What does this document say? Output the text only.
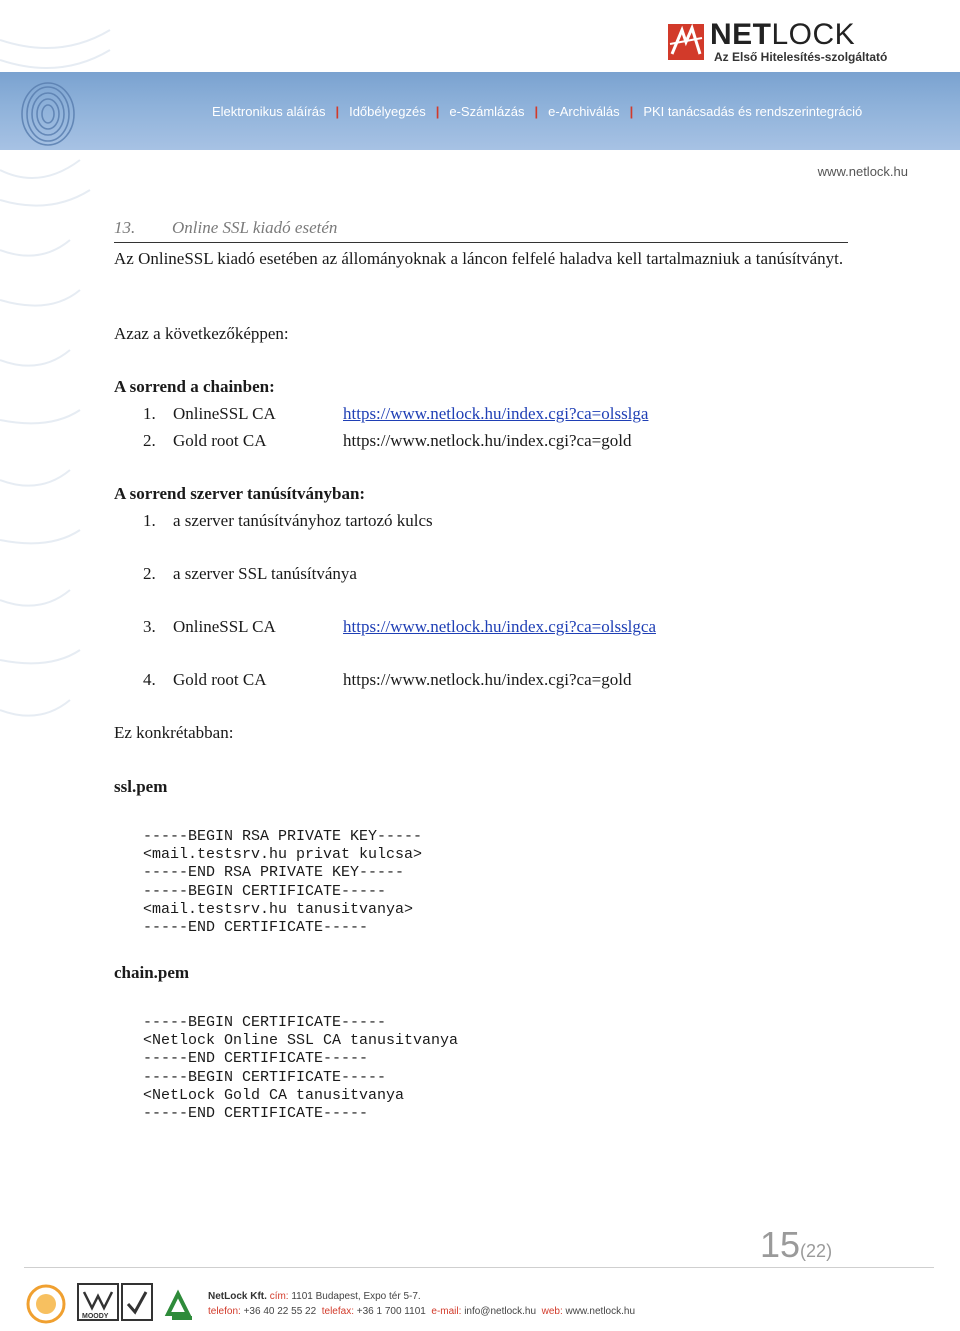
NETLOCK
Az Első Hitelesítés-szolgáltató
Elektronikus aláírás | Időbélyegzés | e-Számlázás | e-Archiválás | PKI tanácsadás és rendszerintegráció
www.netlock.hu
13. Online SSL kiadó esetén
Az OnlineSSL kiadó esetében az állományoknak a láncon felfelé haladva kell tartalmazniuk a tanúsítványt.
Azaz a következőképpen:
A sorrend a chainben:
1. OnlineSSL CA	https://www.netlock.hu/index.cgi?ca=olsslga
2. Gold root CA	https://www.netlock.hu/index.cgi?ca=gold
A sorrend szerver tanúsítványban:
1. a szerver tanúsítványhoz tartozó kulcs
2. a szerver SSL tanúsítványa
3. OnlineSSL CA	https://www.netlock.hu/index.cgi?ca=olsslgca
4. Gold root CA	https://www.netlock.hu/index.cgi?ca=gold
Ez konkrétabban:
ssl.pem
-----BEGIN RSA PRIVATE KEY-----
<mail.testsrv.hu privat kulcsa>
-----END RSA PRIVATE KEY-----
-----BEGIN CERTIFICATE-----
<mail.testsrv.hu tanusitvanya>
-----END CERTIFICATE-----
chain.pem
-----BEGIN CERTIFICATE-----
<Netlock Online SSL CA tanusitvanya
-----END CERTIFICATE-----
-----BEGIN CERTIFICATE-----
<NetLock Gold CA tanusitvanya
-----END CERTIFICATE-----
15(22)
MOODY
NetLock Kft. cím: 1101 Budapest, Expo tér 5-7.
telefon: +36 40 22 55 22 telefax: +36 1 700 1101 e-mail: info@netlock.hu web: www.netlock.hu
